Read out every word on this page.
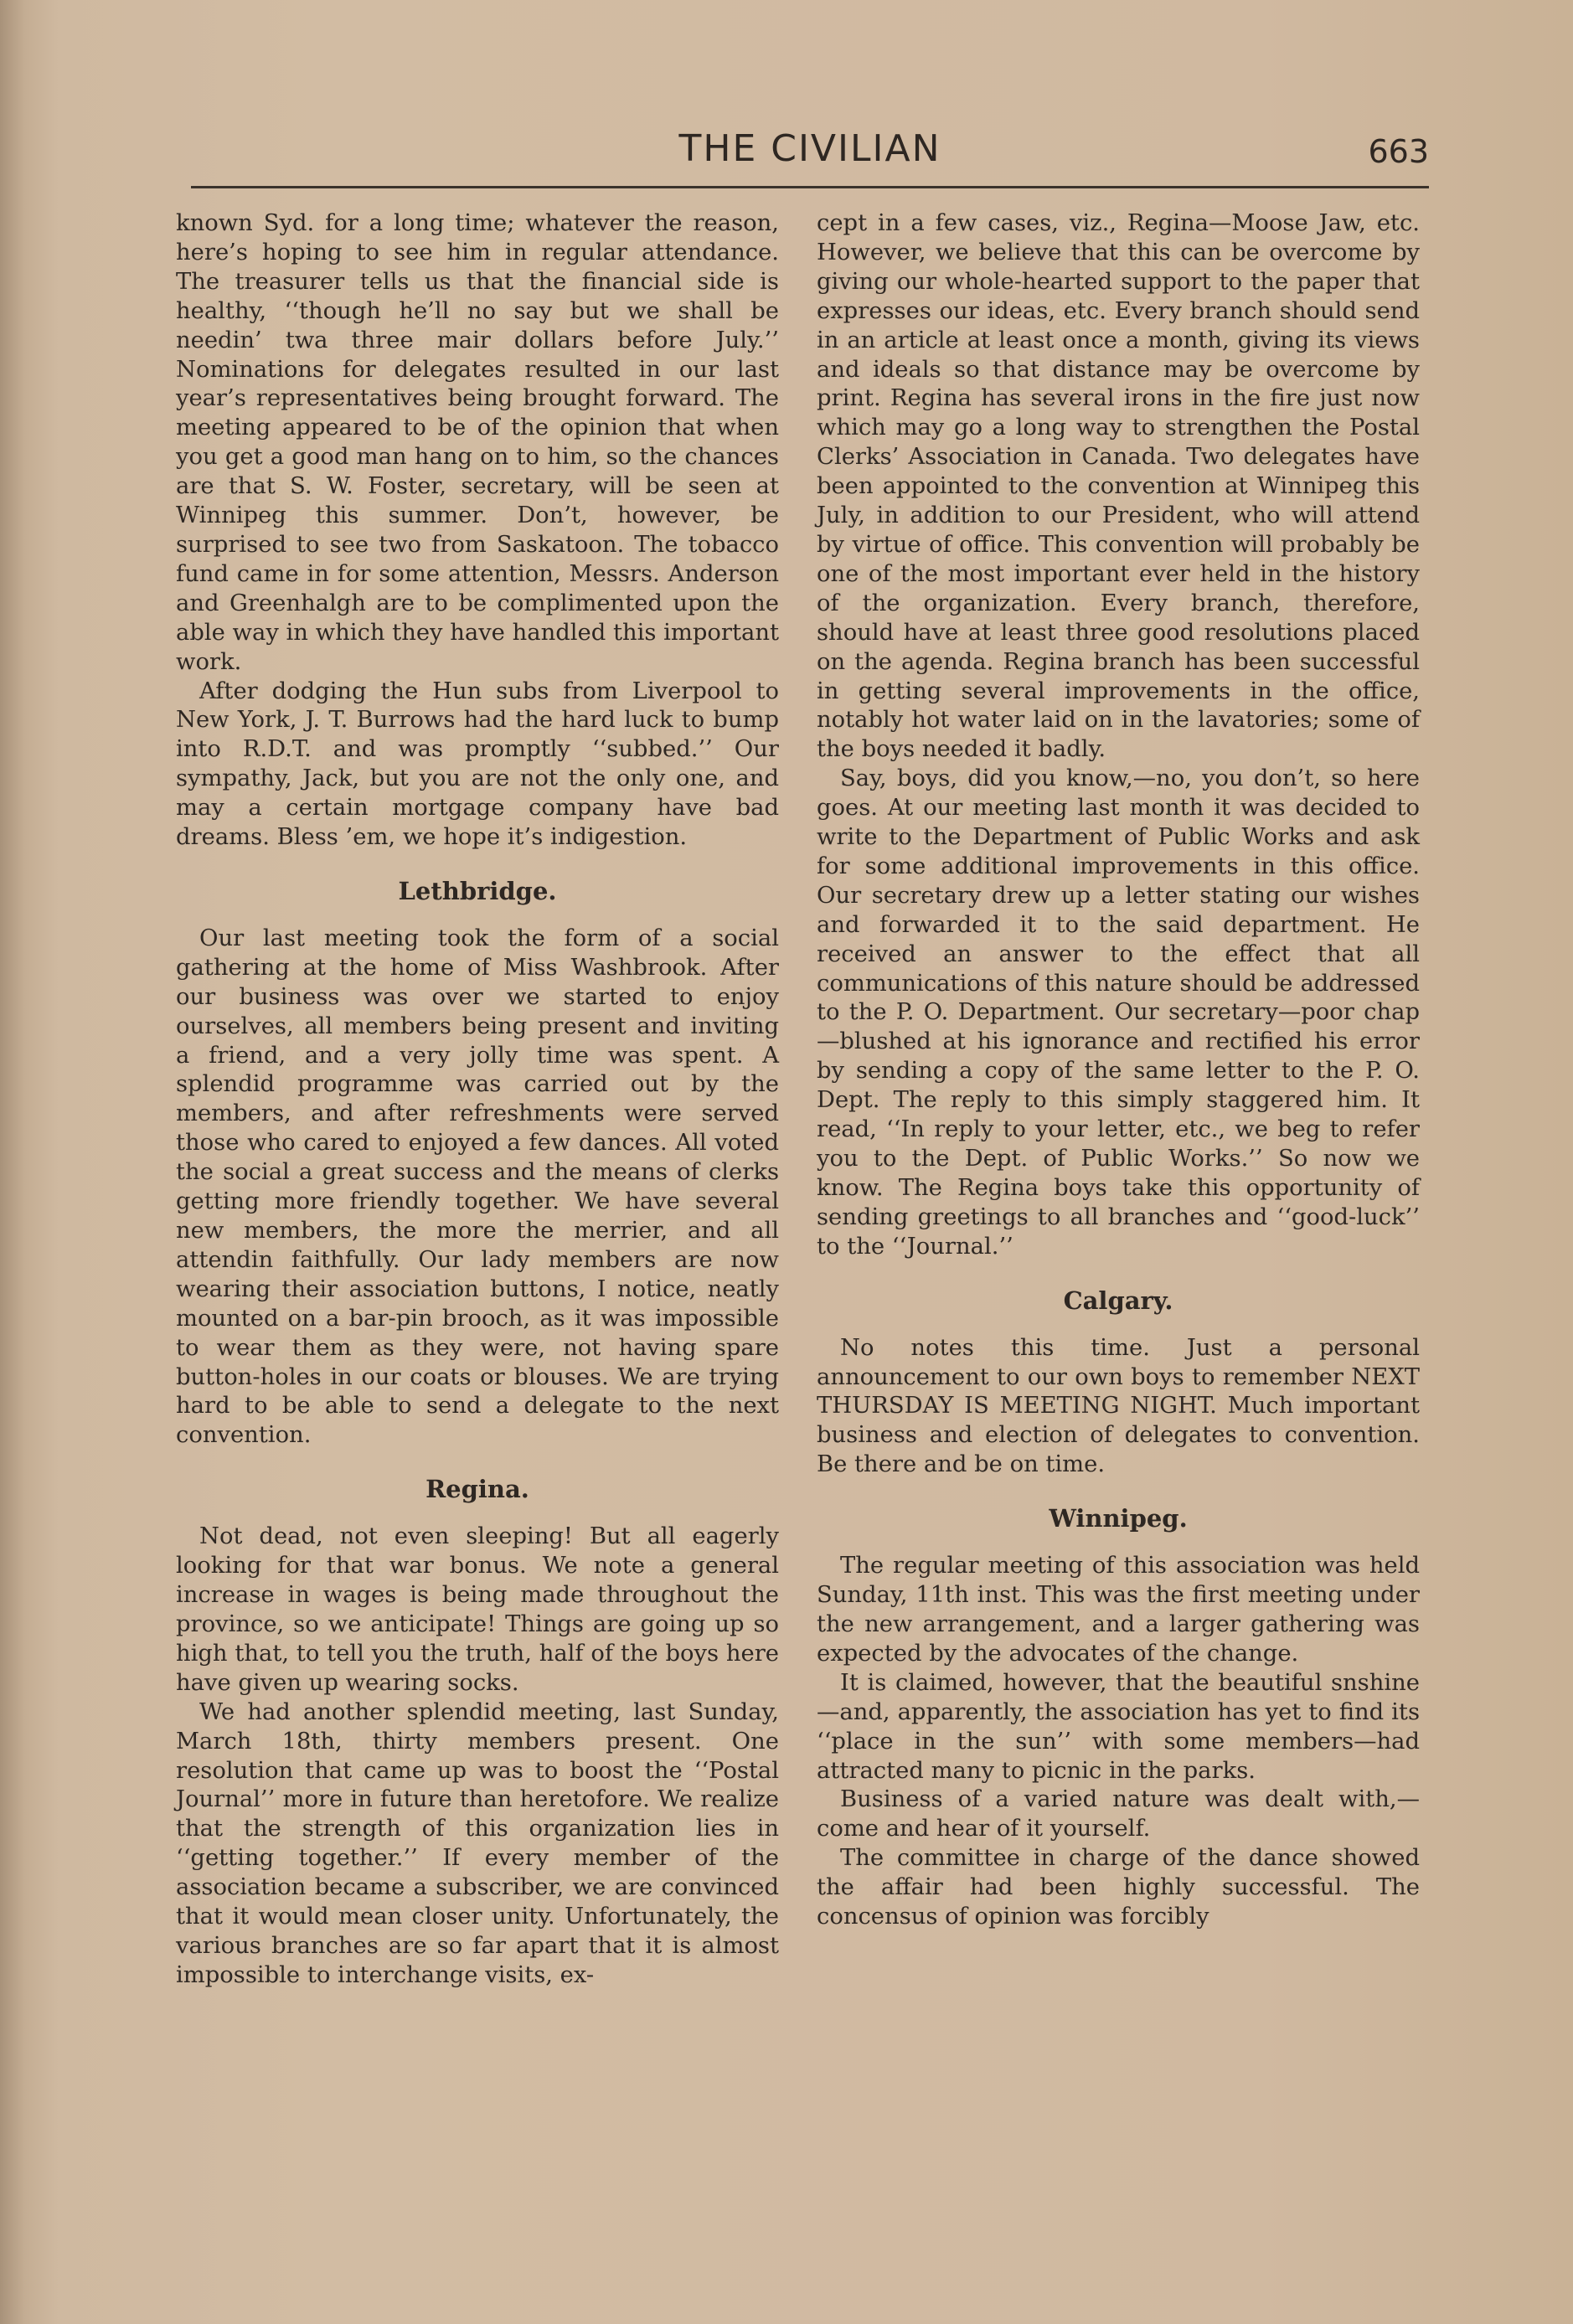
THE CIVILIAN	663

known Syd. for a long time; whatever the reason, here’s hoping to see him in regular attendance. The treasurer tells us that the financial side is healthy, ‘‘though he’ll no say but we shall be needin’ twa three mair dollars before July.’’ Nominations for delegates resulted in our last year’s representatives being brought forward. The meeting appeared to be of the opinion that when you get a good man hang on to him, so the chances are that S. W. Foster, secretary, will be seen at Winnipeg this summer. Don’t, however, be surprised to see two from Saskatoon. The tobacco fund came in for some attention, Messrs. Anderson and Greenhalgh are to be complimented upon the able way in which they have handled this important work.

After dodging the Hun subs from Liverpool to New York, J. T. Burrows had the hard luck to bump into R.D.T. and was promptly ‘‘subbed.’’ Our sympathy, Jack, but you are not the only one, and may a certain mortgage company have bad dreams. Bless ’em, we hope it’s indigestion.

Lethbridge.

Our last meeting took the form of a social gathering at the home of Miss Washbrook. After our business was over we started to enjoy ourselves, all members being present and inviting a friend, and a very jolly time was spent. A splendid programme was carried out by the members, and after refreshments were served those who cared to enjoyed a few dances. All voted the social a great success and the means of clerks getting more friendly together. We have several new members, the more the merrier, and all attendin faithfully. Our lady members are now wearing their association buttons, I notice, neatly mounted on a bar-pin brooch, as it was impossible to wear them as they were, not having spare button-holes in our coats or blouses. We are trying hard to be able to send a delegate to the next convention.

Regina.

Not dead, not even sleeping! But all eagerly looking for that war bonus. We note a general increase in wages is being made throughout the province, so we anticipate! Things are going up so high that, to tell you the truth, half of the boys here have given up wearing socks.

We had another splendid meeting, last Sunday, March 18th, thirty members present. One resolution that came up was to boost the ‘‘Postal Journal’’ more in future than heretofore. We realize that the strength of this organization lies in ‘‘getting together.’’ If every member of the association became a subscriber, we are convinced that it would mean closer unity. Unfortunately, the various branches are so far apart that it is almost impossible to interchange visits, ex-

cept in a few cases, viz., Regina—Moose Jaw, etc. However, we believe that this can be overcome by giving our whole-hearted support to the paper that expresses our ideas, etc. Every branch should send in an article at least once a month, giving its views and ideals so that distance may be overcome by print. Regina has several irons in the fire just now which may go a long way to strengthen the Postal Clerks’ Association in Canada. Two delegates have been appointed to the convention at Winnipeg this July, in addition to our President, who will attend by virtue of office. This convention will probably be one of the most important ever held in the history of the organization. Every branch, therefore, should have at least three good resolutions placed on the agenda. Regina branch has been successful in getting several improvements in the office, notably hot water laid on in the lavatories; some of the boys needed it badly.

Say, boys, did you know,—no, you don’t, so here goes. At our meeting last month it was decided to write to the Department of Public Works and ask for some additional improvements in this office. Our secretary drew up a letter stating our wishes and forwarded it to the said department. He received an answer to the effect that all communications of this nature should be addressed to the P. O. Department. Our secretary—poor chap—blushed at his ignorance and rectified his error by sending a copy of the same letter to the P. O. Dept. The reply to this simply staggered him. It read, ‘‘In reply to your letter, etc., we beg to refer you to the Dept. of Public Works.’’ So now we know. The Regina boys take this opportunity of sending greetings to all branches and ‘‘good-luck’’ to the ‘‘Journal.’’

Calgary.

No notes this time. Just a personal announcement to our own boys to remember NEXT THURSDAY IS MEETING NIGHT. Much important business and election of delegates to convention. Be there and be on time.

Winnipeg.

The regular meeting of this association was held Sunday, 11th inst. This was the first meeting under the new arrangement, and a larger gathering was expected by the advocates of the change.

It is claimed, however, that the beautiful snshine—and, apparently, the association has yet to find its ‘‘place in the sun’’ with some members—had attracted many to picnic in the parks.

Business of a varied nature was dealt with,—come and hear of it yourself.

The committee in charge of the dance showed the affair had been highly successful. The concensus of opinion was forcibly
